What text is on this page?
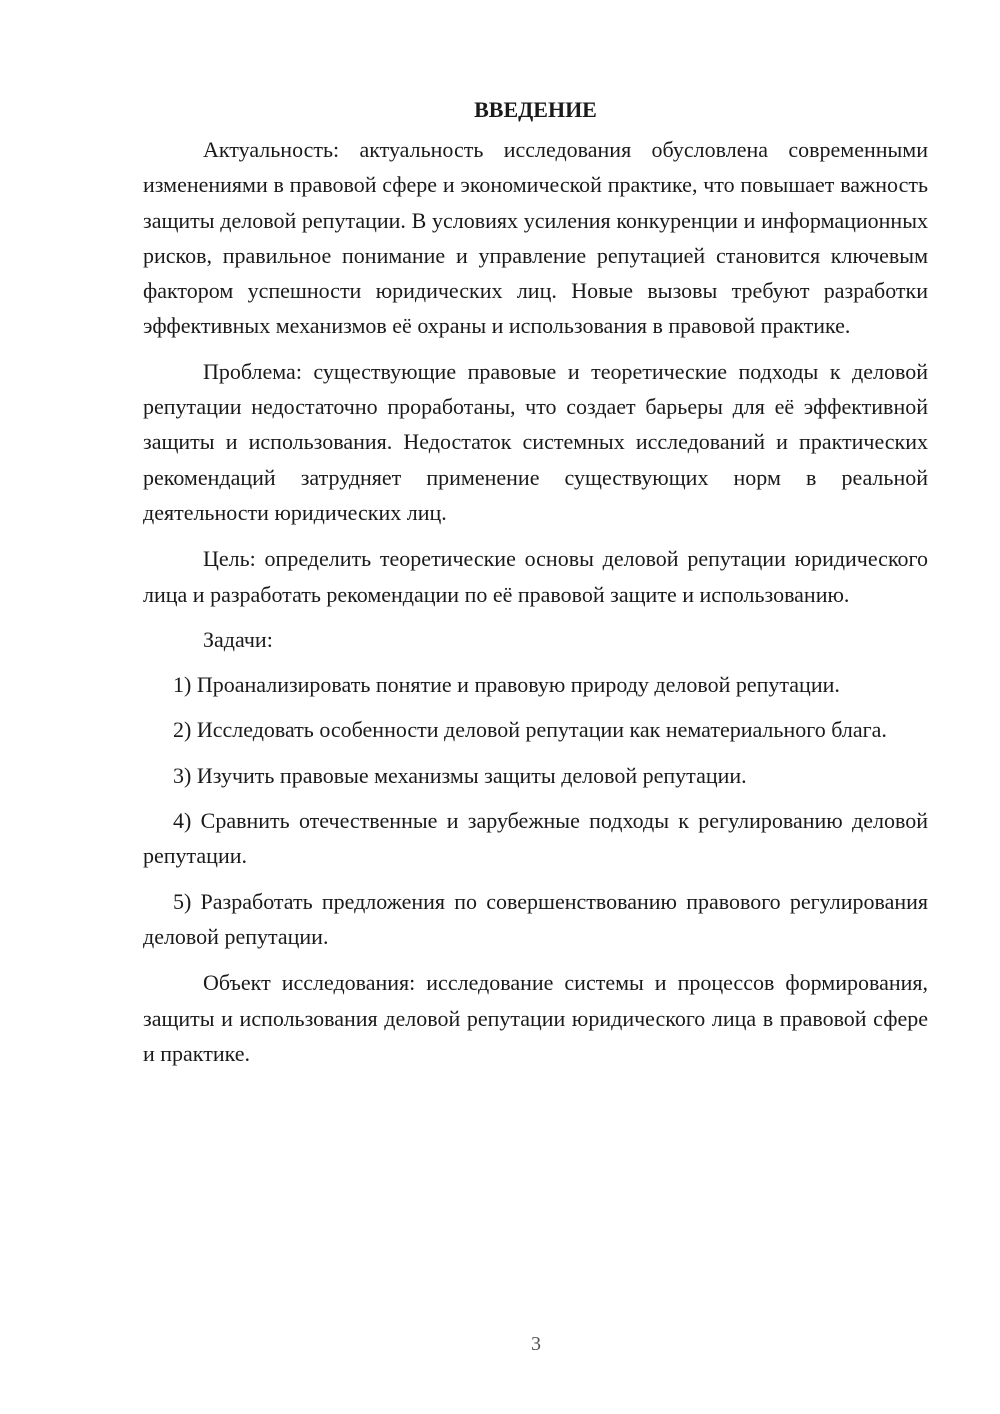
ВВЕДЕНИЕ

Актуальность: актуальность исследования обусловлена современными изменениями в правовой сфере и экономической практике, что повышает важность защиты деловой репутации. В условиях усиления конкуренции и информационных рисков, правильное понимание и управление репутацией становится ключевым фактором успешности юридических лиц. Новые вызовы требуют разработки эффективных механизмов её охраны и использования в правовой практике.

Проблема: существующие правовые и теоретические подходы к деловой репутации недостаточно проработаны, что создает барьеры для её эффективной защиты и использования. Недостаток системных исследований и практических рекомендаций затрудняет применение существующих норм в реальной деятельности юридических лиц.

Цель: определить теоретические основы деловой репутации юридического лица и разработать рекомендации по её правовой защите и использованию.

Задачи:

1) Проанализировать понятие и правовую природу деловой репутации.

2) Исследовать особенности деловой репутации как нематериального блага.

3) Изучить правовые механизмы защиты деловой репутации.

4) Сравнить отечественные и зарубежные подходы к регулированию деловой репутации.

5) Разработать предложения по совершенствованию правового регулирования деловой репутации.

Объект исследования: исследование системы и процессов формирования, защиты и использования деловой репутации юридического лица в правовой сфере и практике.

3
